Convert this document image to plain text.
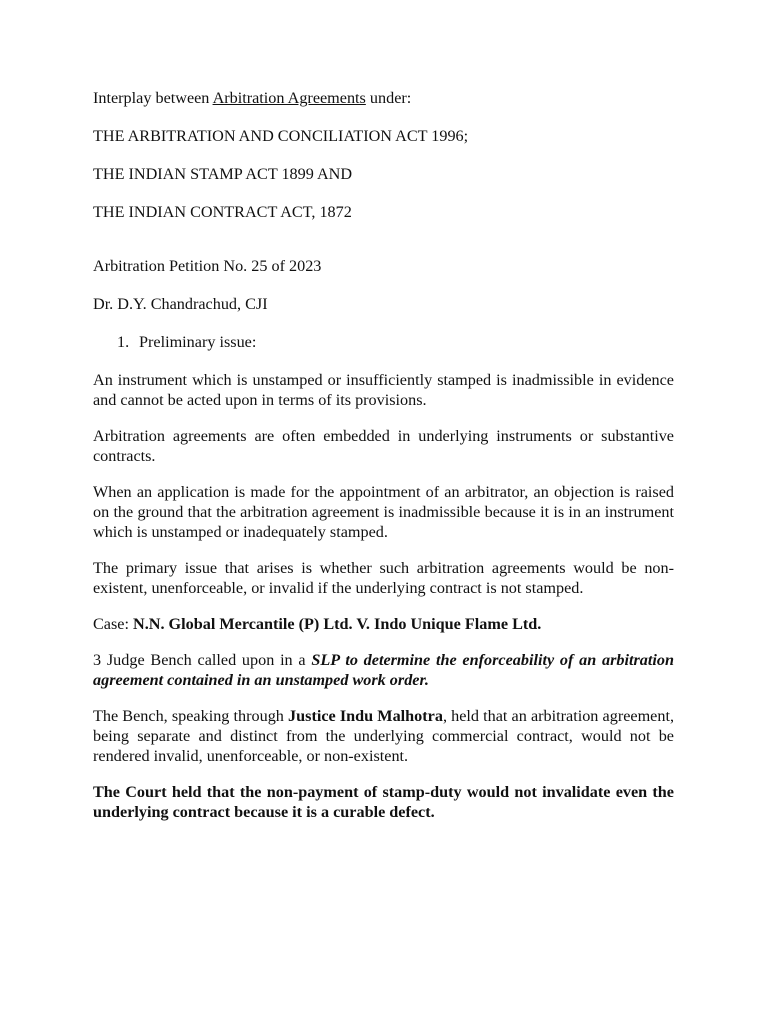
Interplay between Arbitration Agreements under:

THE ARBITRATION AND CONCILIATION ACT 1996;

THE INDIAN STAMP ACT 1899 AND

THE INDIAN CONTRACT ACT, 1872

Arbitration Petition No. 25 of 2023

Dr. D.Y. Chandrachud, CJI

1. Preliminary issue:

An instrument which is unstamped or insufficiently stamped is inadmissible in evidence and cannot be acted upon in terms of its provisions.

Arbitration agreements are often embedded in underlying instruments or substantive contracts.

When an application is made for the appointment of an arbitrator, an objection is raised on the ground that the arbitration agreement is inadmissible because it is in an instrument which is unstamped or inadequately stamped.

The primary issue that arises is whether such arbitration agreements would be non-existent, unenforceable, or invalid if the underlying contract is not stamped.

Case: N.N. Global Mercantile (P) Ltd. V. Indo Unique Flame Ltd.

3 Judge Bench called upon in a SLP to determine the enforceability of an arbitration agreement contained in an unstamped work order.

The Bench, speaking through Justice Indu Malhotra, held that an arbitration agreement, being separate and distinct from the underlying commercial contract, would not be rendered invalid, unenforceable, or non-existent.

The Court held that the non-payment of stamp-duty would not invalidate even the underlying contract because it is a curable defect.
